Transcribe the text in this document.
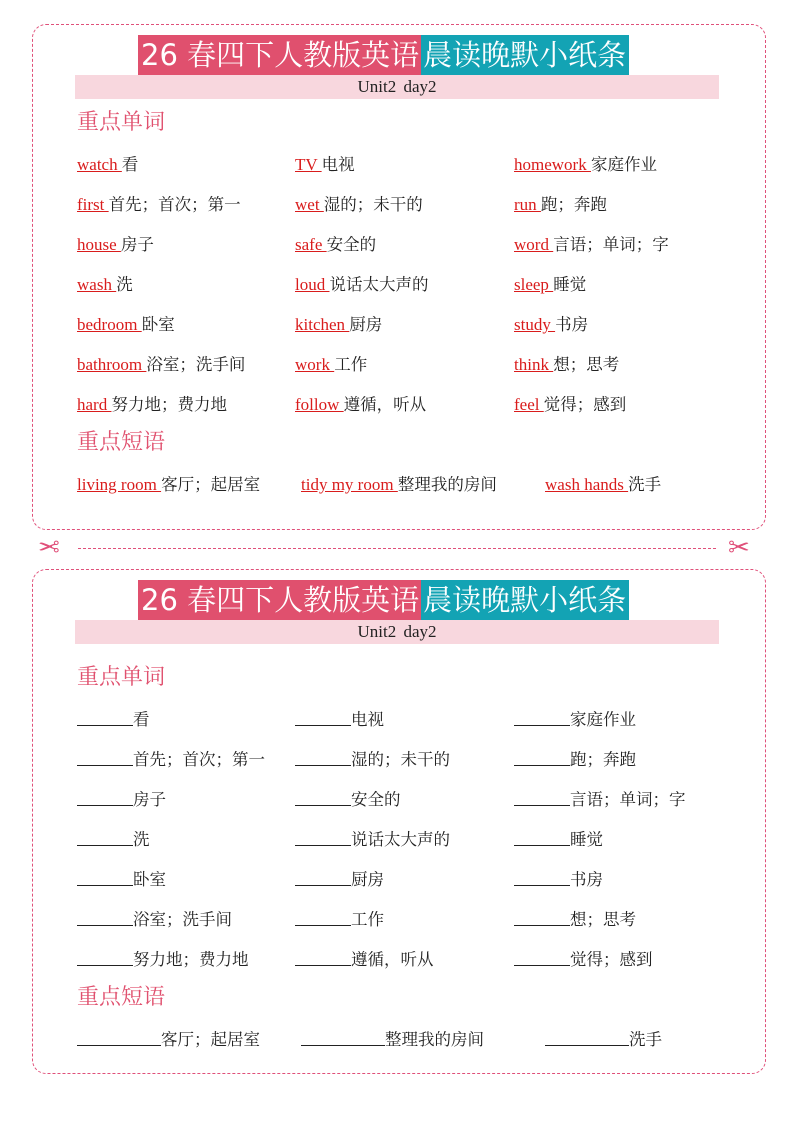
26 春四下人教版英语 晨读晚默小纸条
Unit2 day2
重点单词
watch 看	TV 电视	homework 家庭作业
first 首先；首次；第一	wet 湿的；未干的	run 跑；奔跑
house 房子	safe 安全的	word 言语；单词；字
wash 洗	loud 说话太大声的	sleep 睡觉
bedroom 卧室	kitchen 厨房	study 书房
bathroom 浴室；洗手间	work 工作	think 想；思考
hard 努力地；费力地	follow 遵循，听从	feel 觉得；感到
重点短语
living room 客厅；起居室 tidy my room 整理我的房间	wash hands 洗手
✂	✂
26 春四下人教版英语 晨读晚默小纸条
Unit2 day2
重点单词
看	电视	家庭作业
首先；首次；第一	湿的；未干的	跑；奔跑
房子	安全的	言语；单词；字
洗	说话太大声的	睡觉
卧室	厨房	书房
浴室；洗手间	工作	想；思考
努力地；费力地	遵循，听从	觉得；感到
重点短语
客厅；起居室	整理我的房间	洗手
